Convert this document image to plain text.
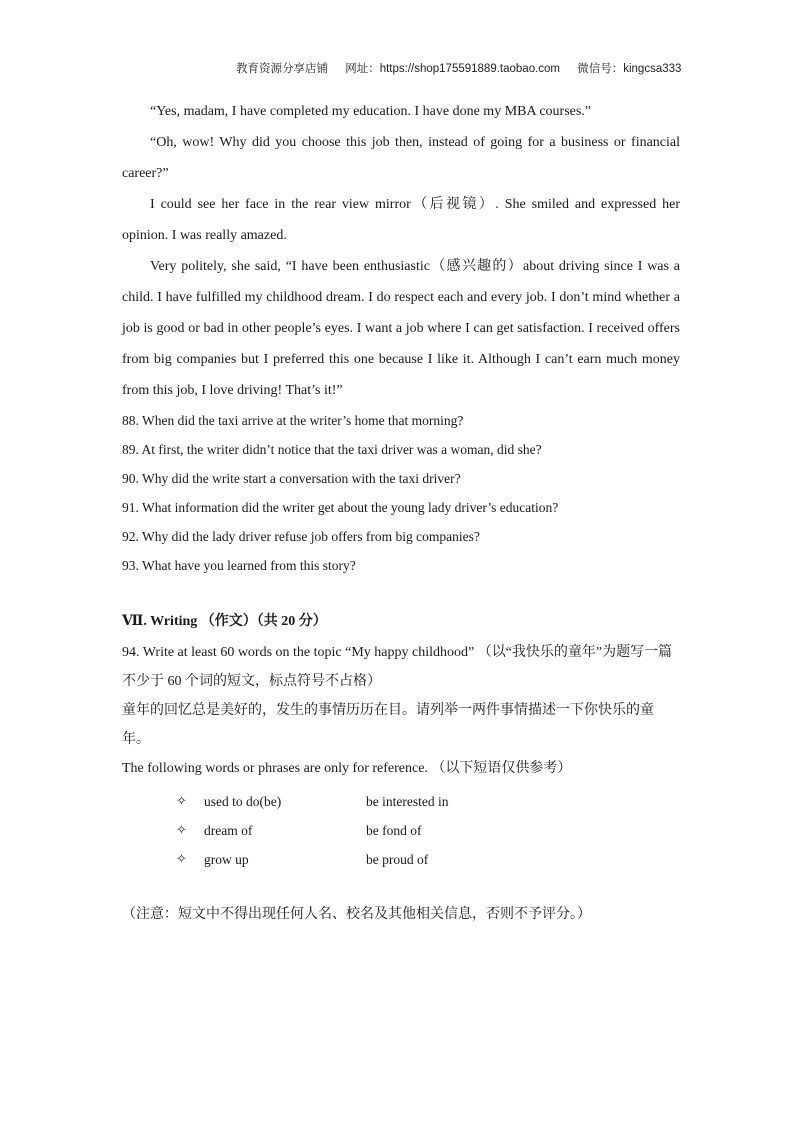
教育资源分享店铺 网址：https://shop175591889.taobao.com 微信号：kingcsa333

“Yes, madam, I have completed my education. I have done my MBA courses.”

“Oh, wow! Why did you choose this job then, instead of going for a business or financial career?”

I could see her face in the rear view mirror（后视镜）. She smiled and expressed her opinion. I was really amazed.

Very politely, she said, “I have been enthusiastic（感兴趣的）about driving since I was a child. I have fulfilled my childhood dream. I do respect each and every job. I don’t mind whether a job is good or bad in other people’s eyes. I want a job where I can get satisfaction. I received offers from big companies but I preferred this one because I like it. Although I can’t earn much money from this job, I love driving! That’s it!”

88. When did the taxi arrive at the writer’s home that morning?

89. At first, the writer didn’t notice that the taxi driver was a woman, did she?

90. Why did the write start a conversation with the taxi driver?

91. What information did the writer get about the young lady driver’s education?

92. Why did the lady driver refuse job offers from big companies?

93. What have you learned from this story?

Ⅶ. Writing （作文）（共 20 分）

94. Write at least 60 words on the topic “My happy childhood” （以“我快乐的童年”为题写一篇不少于 60 个词的短文，标点符号不占格）

童年的回忆总是美好的，发生的事情历历在目。请列举一两件事情描述一下你快乐的童年。

The following words or phrases are only for reference. （以下短语仅供参考）

✧	used to do(be)	be interested in
✧	dream of	be fond of
✧	grow up	be proud of
（注意：短文中不得出现任何人名、校名及其他相关信息，否则不予评分。）
